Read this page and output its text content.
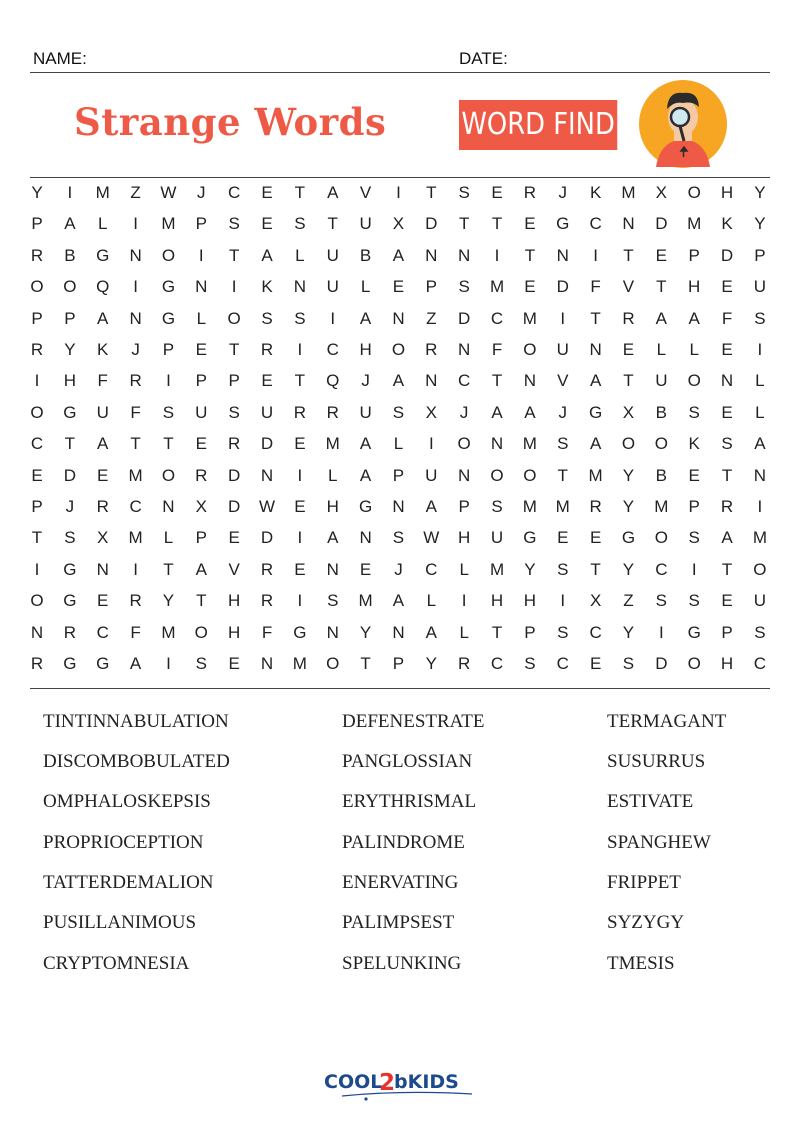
NAME:	DATE:
Strange Words	WORD FIND
Y	I	M	Z	W	J	C	E	T	A	V	I	T	S	E	R	J	K	M	X	O	H	Y
P	A	L	I	M	P	S	E	S	T	U	X	D	T	T	E	G	C	N	D	M	K	Y
R	B	G	N	O	I	T	A	L	U	B	A	N	N	I	T	N	I	T	E	P	D	P
O	O	Q	I	G	N	I	K	N	U	L	E	P	S	M	E	D	F	V	T	H	E	U
P	P	A	N	G	L	O	S	S	I	A	N	Z	D	C	M	I	T	R	A	A	F	S
R	Y	K	J	P	E	T	R	I	C	H	O	R	N	F	O	U	N	E	L	L	E	I
I	H	F	R	I	P	P	E	T	Q	J	A	N	C	T	N	V	A	T	U	O	N	L
O	G	U	F	S	U	S	U	R	R	U	S	X	J	A	A	J	G	X	B	S	E	L
C	T	A	T	T	E	R	D	E	M	A	L	I	O	N	M	S	A	O	O	K	S	A
E	D	E	M	O	R	D	N	I	L	A	P	U	N	O	O	T	M	Y	B	E	T	N
P	J	R	C	N	X	D	W	E	H	G	N	A	P	S	M	M	R	Y	M	P	R	I
T	S	X	M	L	P	E	D	I	A	N	S	W	H	U	G	E	E	G	O	S	A	M
I	G	N	I	T	A	V	R	E	N	E	J	C	L	M	Y	S	T	Y	C	I	T	O
O	G	E	R	Y	T	H	R	I	S	M	A	L	I	H	H	I	X	Z	S	S	E	U
N	R	C	F	M	O	H	F	G	N	Y	N	A	L	T	P	S	C	Y	I	G	P	S
R	G	G	A	I	S	E	N	M	O	T	P	Y	R	C	S	C	E	S	D	O	H	C
TINTINNABULATION
DISCOMBOBULATED
OMPHALOSKEPSIS
PROPRIOCEPTION
TATTERDEMALION
PUSILLANIMOUS
CRYPTOMNESIA
DEFENESTRATE
PANGLOSSIAN
ERYTHRISMAL
PALINDROME
ENERVATING
PALIMPSEST
SPELUNKING
TERMAGANT
SUSURRUS
ESTIVATE
SPANGHEW
FRIPPET
SYZYGY
TMESIS
COOL
2
bKIDS
